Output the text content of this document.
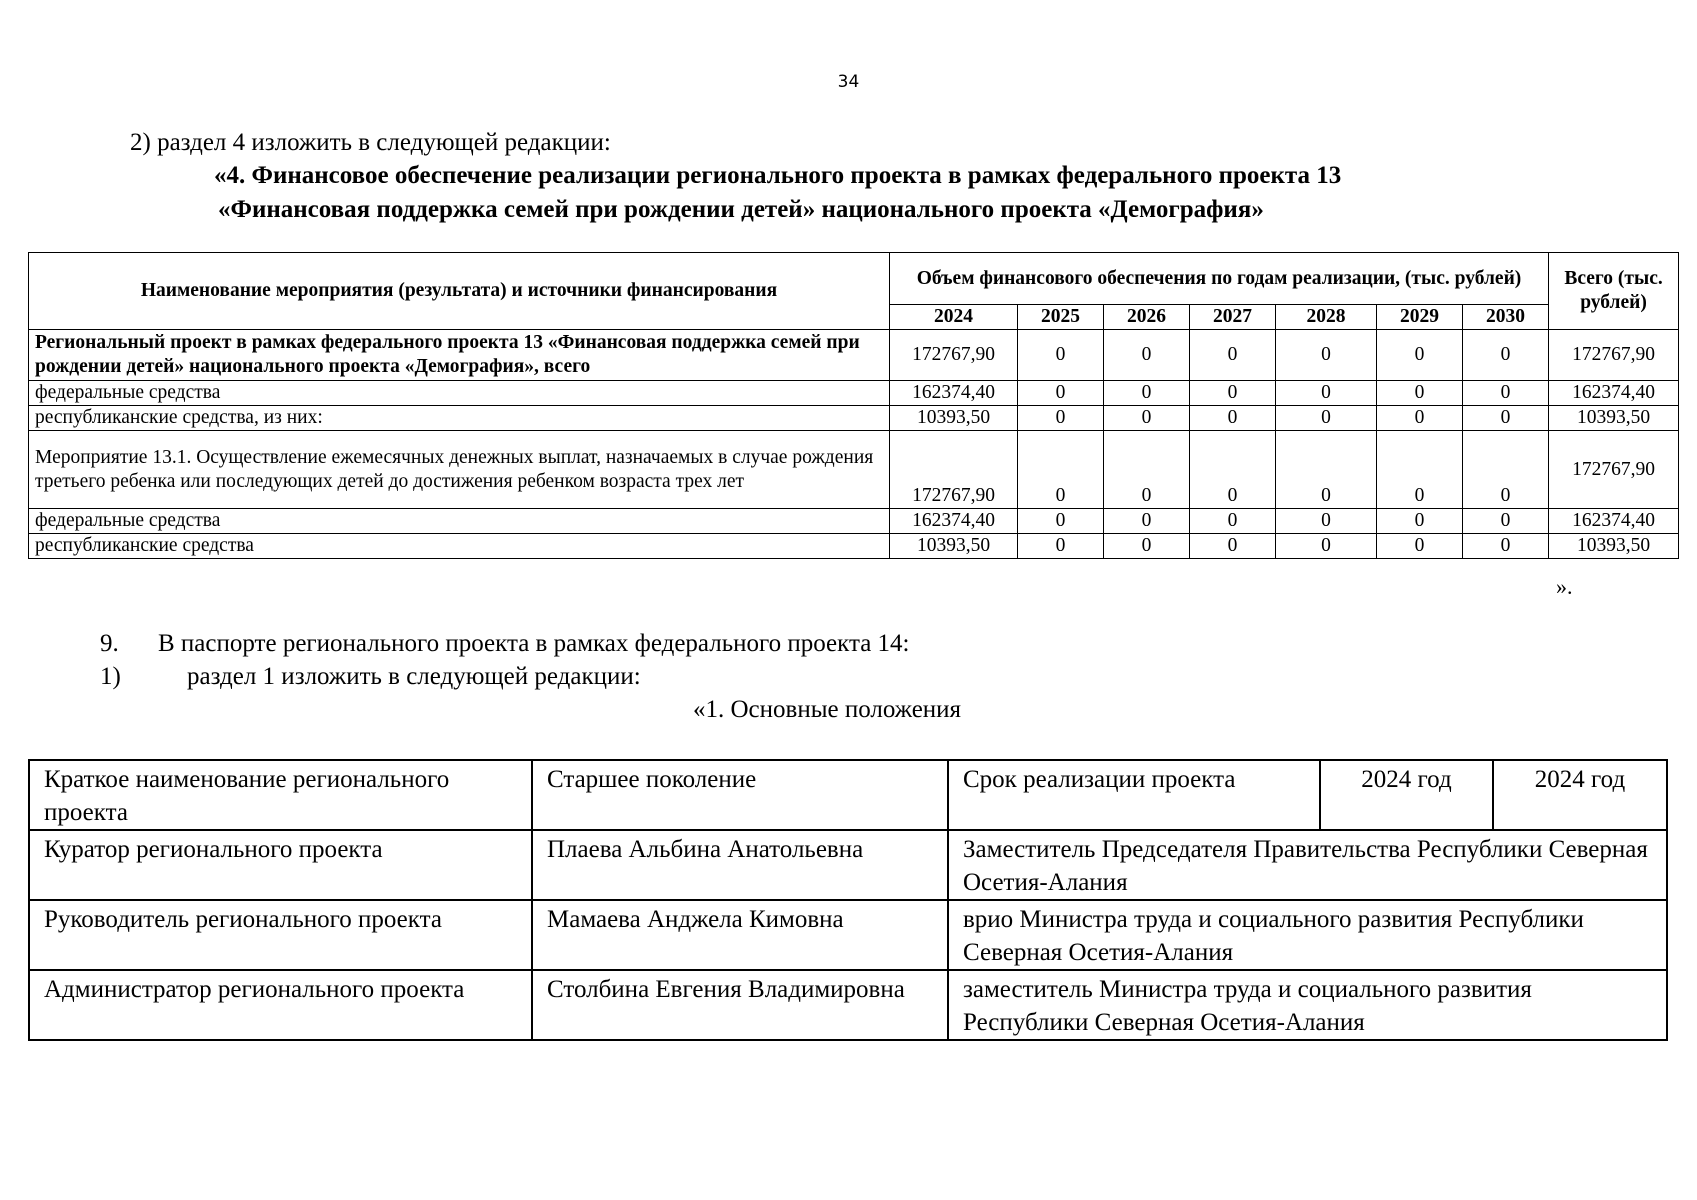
34
2) раздел 4 изложить в следующей редакции:
«4. Финансовое обеспечение реализации регионального проекта в рамках федерального проекта 13
«Финансовая поддержка семей при рождении детей» национального проекта «Демография»
Наименование мероприятия (результата) и источники финансирования	Объем финансового обеспечения по годам реализации, (тыс. рублей)							Всего (тыс. рублей)
	2024	2025	2026	2027	2028	2029	2030	
Региональный проект в рамках федерального проекта 13 «Финансовая поддержка семей при рождении детей» национального проекта «Демография», всего	172767,90	0	0	0	0	0	0	172767,90
федеральные средства	162374,40	0	0	0	0	0	0	162374,40
республиканские средства, из них:	10393,50	0	0	0	0	0	0	10393,50
Мероприятие 13.1. Осуществление ежемесячных денежных выплат, назначаемых в случае рождения третьего ребенка или последующих детей до достижения ребенком возраста трех лет	172767,90	0	0	0	0	0	0	172767,90
федеральные средства	162374,40	0	0	0	0	0	0	162374,40
республиканские средства	10393,50	0	0	0	0	0	0	10393,50
».
9. В паспорте регионального проекта в рамках федерального проекта 14:
1)	раздел 1 изложить в следующей редакции:
«1. Основные положения
Краткое наименование регионального проекта	Старшее поколение	Срок реализации проекта	2024 год	2024 год
Куратор регионального проекта	Плаева Альбина Анатольевна	Заместитель Председателя Правительства Республики Северная Осетия-Алания		
Руководитель регионального проекта	Мамаева Анджела Кимовна	врио Министра труда и социального развития Республики Северная Осетия-Алания		
Администратор регионального проекта	Столбина Евгения Владимировна	заместитель Министра труда и социального развития Республики Северная Осетия-Алания		
